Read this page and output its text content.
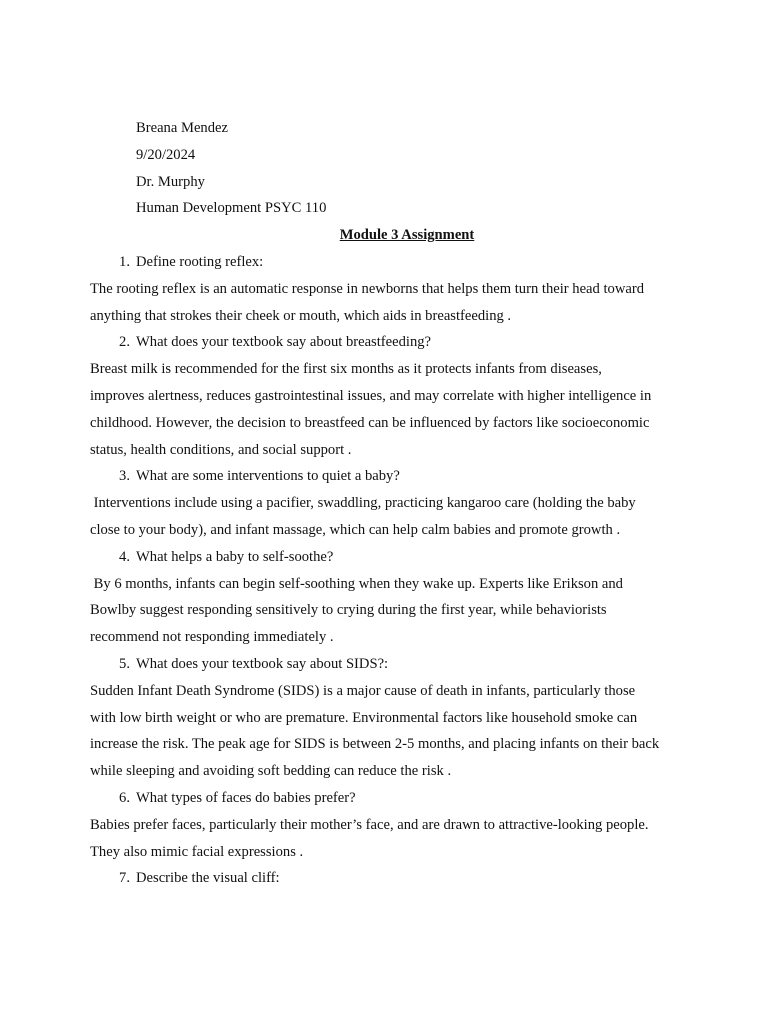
Breana Mendez
9/20/2024
Dr. Murphy
Human Development PSYC 110
Module 3 Assignment
1. Define rooting reflex:
The rooting reflex is an automatic response in newborns that helps them turn their head toward
anything that strokes their cheek or mouth, which aids in breastfeeding .
2. What does your textbook say about breastfeeding?
Breast milk is recommended for the first six months as it protects infants from diseases,
improves alertness, reduces gastrointestinal issues, and may correlate with higher intelligence in
childhood. However, the decision to breastfeed can be influenced by factors like socioeconomic
status, health conditions, and social support .
3. What are some interventions to quiet a baby?
Interventions include using a pacifier, swaddling, practicing kangaroo care (holding the baby
close to your body), and infant massage, which can help calm babies and promote growth .
4. What helps a baby to self-soothe?
By 6 months, infants can begin self-soothing when they wake up. Experts like Erikson and
Bowlby suggest responding sensitively to crying during the first year, while behaviorists
recommend not responding immediately .
5. What does your textbook say about SIDS?:
Sudden Infant Death Syndrome (SIDS) is a major cause of death in infants, particularly those
with low birth weight or who are premature. Environmental factors like household smoke can
increase the risk. The peak age for SIDS is between 2-5 months, and placing infants on their back
while sleeping and avoiding soft bedding can reduce the risk .
6. What types of faces do babies prefer?
Babies prefer faces, particularly their mother’s face, and are drawn to attractive-looking people.
They also mimic facial expressions .
7. Describe the visual cliff:
